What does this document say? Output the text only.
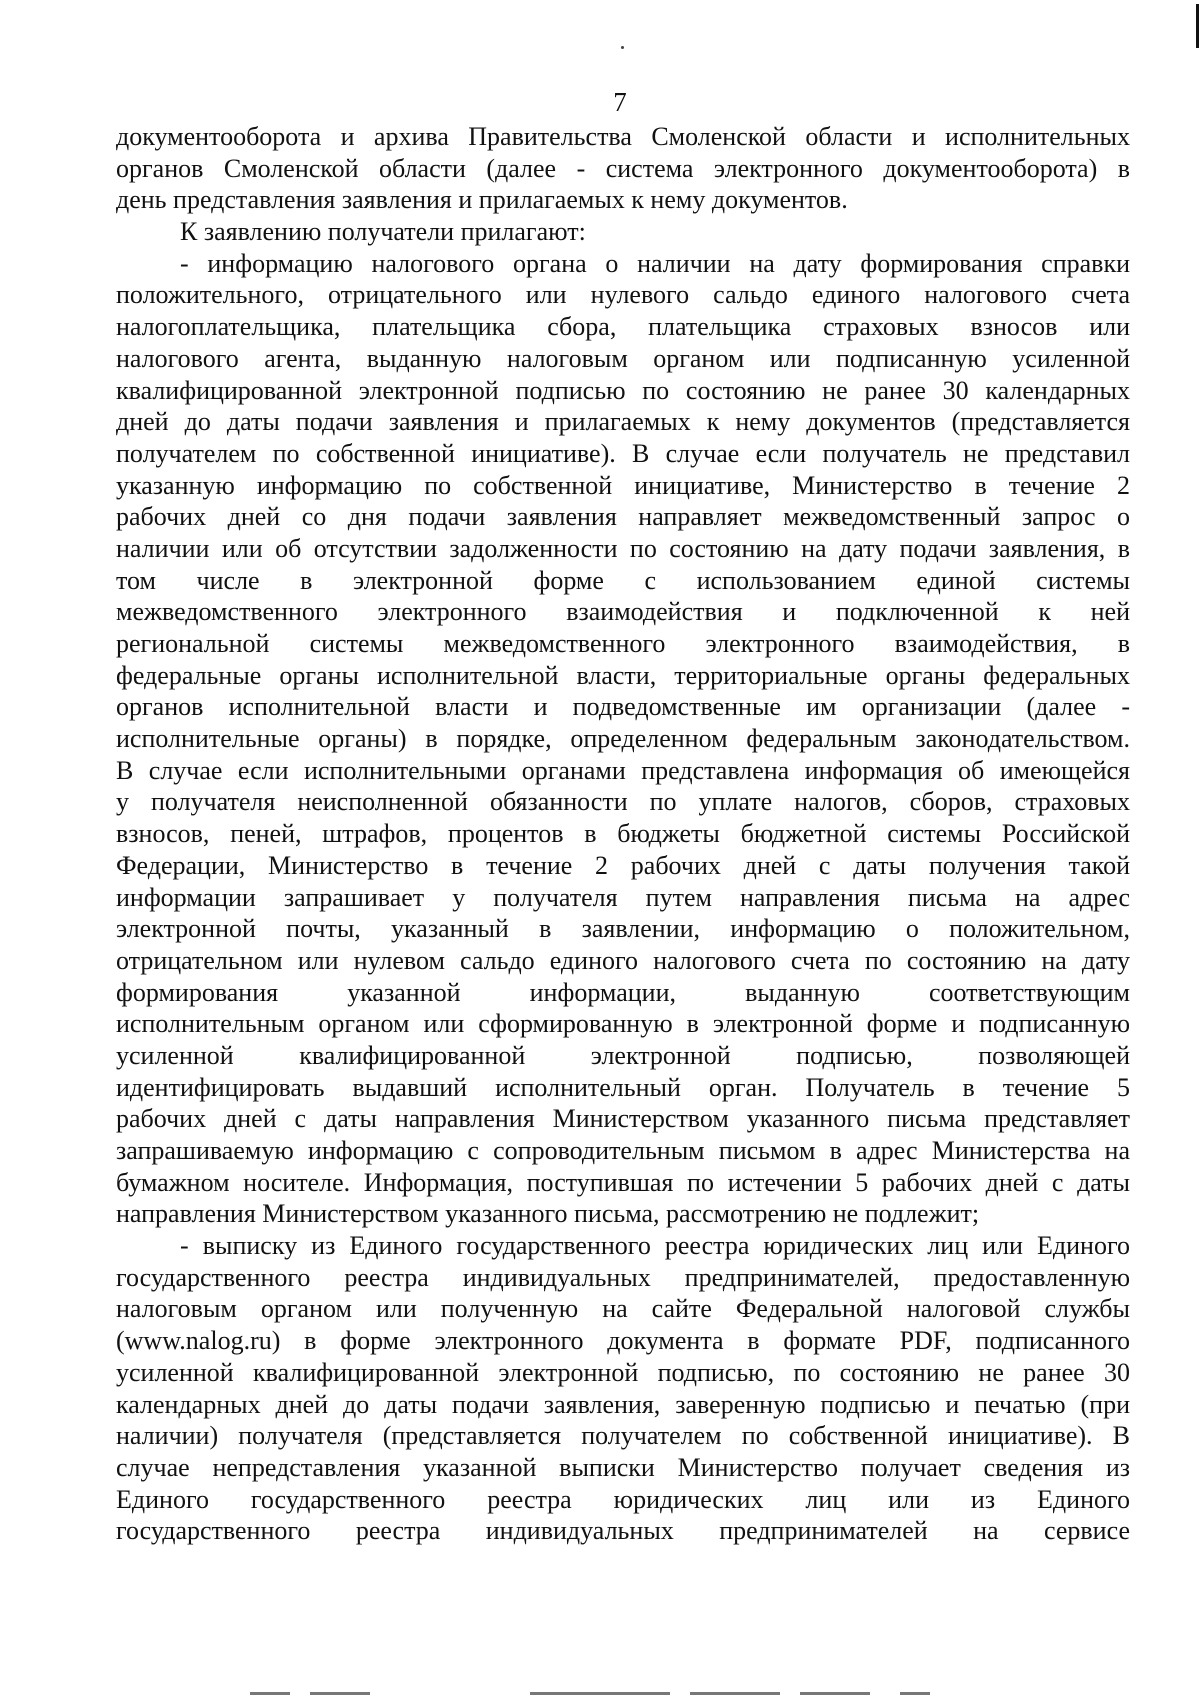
7
документооборота и архива Правительства Смоленской области и исполнительных
органов Смоленской области (далее - система электронного документооборота) в
день представления заявления и прилагаемых к нему документов.
К заявлению получатели прилагают:
- информацию налогового органа о наличии на дату формирования справки
положительного, отрицательного или нулевого сальдо единого налогового счета
налогоплательщика, плательщика сбора, плательщика страховых взносов или
налогового агента, выданную налоговым органом или подписанную усиленной
квалифицированной электронной подписью по состоянию не ранее 30 календарных
дней до даты подачи заявления и прилагаемых к нему документов (представляется
получателем по собственной инициативе). В случае если получатель не представил
указанную информацию по собственной инициативе, Министерство в течение 2
рабочих дней со дня подачи заявления направляет межведомственный запрос о
наличии или об отсутствии задолженности по состоянию на дату подачи заявления, в
том числе в электронной форме с использованием единой системы
межведомственного электронного взаимодействия и подключенной к ней
региональной системы межведомственного электронного взаимодействия, в
федеральные органы исполнительной власти, территориальные органы федеральных
органов исполнительной власти и подведомственные им организации (далее -
исполнительные органы) в порядке, определенном федеральным законодательством.
В случае если исполнительными органами представлена информация об имеющейся
у получателя неисполненной обязанности по уплате налогов, сборов, страховых
взносов, пеней, штрафов, процентов в бюджеты бюджетной системы Российской
Федерации, Министерство в течение 2 рабочих дней с даты получения такой
информации запрашивает у получателя путем направления письма на адрес
электронной почты, указанный в заявлении, информацию о положительном,
отрицательном или нулевом сальдо единого налогового счета по состоянию на дату
формирования указанной информации, выданную соответствующим
исполнительным органом или сформированную в электронной форме и подписанную
усиленной квалифицированной электронной подписью, позволяющей
идентифицировать выдавший исполнительный орган. Получатель в течение 5
рабочих дней с даты направления Министерством указанного письма представляет
запрашиваемую информацию с сопроводительным письмом в адрес Министерства на
бумажном носителе. Информация, поступившая по истечении 5 рабочих дней с даты
направления Министерством указанного письма, рассмотрению не подлежит;
- выписку из Единого государственного реестра юридических лиц или Единого
государственного реестра индивидуальных предпринимателей, предоставленную
налоговым органом или полученную на сайте Федеральной налоговой службы
(www.nalog.ru) в форме электронного документа в формате PDF, подписанного
усиленной квалифицированной электронной подписью, по состоянию не ранее 30
календарных дней до даты подачи заявления, заверенную подписью и печатью (при
наличии) получателя (представляется получателем по собственной инициативе). В
случае непредставления указанной выписки Министерство получает сведения из
Единого государственного реестра юридических лиц или из Единого
государственного реестра индивидуальных предпринимателей на сервисе
